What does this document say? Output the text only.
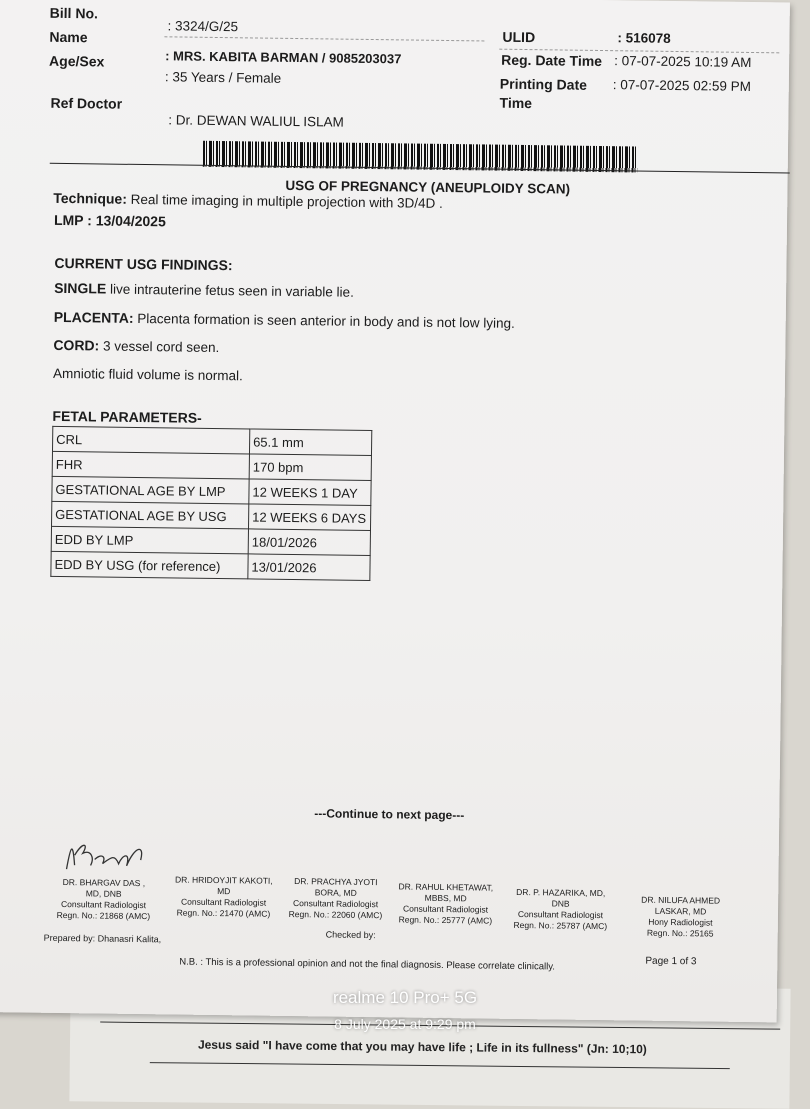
Jesus said "I have come that you may have life ; Life in its fullness" (Jn: 10;10)
Bill No.
: 3324/G/25
Name
: MRS. KABITA BARMAN / 9085203037
Age/Sex
: 35 Years / Female
Ref Doctor
: Dr. DEWAN WALIUL ISLAM
ULID	: 516078
Reg. Date Time : 07-07-2025 10:19 AM
Printing Date
Time
: 07-07-2025 02:59 PM
USG OF PREGNANCY (ANEUPLOIDY SCAN)
Technique: Real time imaging in multiple projection with 3D/4D .
LMP : 13/04/2025
CURRENT USG FINDINGS:
SINGLE live intrauterine fetus seen in variable lie.
PLACENTA: Placenta formation is seen anterior in body and is not low lying.
CORD: 3 vessel cord seen.
Amniotic fluid volume is normal.
FETAL PARAMETERS-
CRL	65.1 mm
FHR	170 bpm
GESTATIONAL AGE BY LMP	12 WEEKS 1 DAY
GESTATIONAL AGE BY USG	12 WEEKS 6 DAYS
EDD BY LMP	18/01/2026
EDD BY USG (for reference)	13/01/2026
---Continue to next page---
DR. BHARGAV DAS ,
MD, DNB
Consultant Radiologist
Regn. No.: 21868 (AMC)
DR. HRIDOYJIT KAKOTI,
MD
Consultant Radiologist
Regn. No.: 21470 (AMC)
DR. PRACHYA JYOTI
BORA, MD
Consultant Radiologist
Regn. No.: 22060 (AMC)
DR. RAHUL KHETAWAT,
MBBS, MD
Consultant Radiologist
Regn. No.: 25777 (AMC)
DR. P. HAZARIKA, MD,
DNB
Consultant Radiologist
Regn. No.: 25787 (AMC)
DR. NILUFA AHMED
LASKAR, MD
Hony Radiologist
Regn. No.: 25165
Prepared by: Dhanasri Kalita,	Checked by:
Page 1 of 3
N.B. : This is a professional opinion and not the final diagnosis. Please correlate clinically.
realme 10 Pro+ 5G
8 July 2025 at 9:29 pm
